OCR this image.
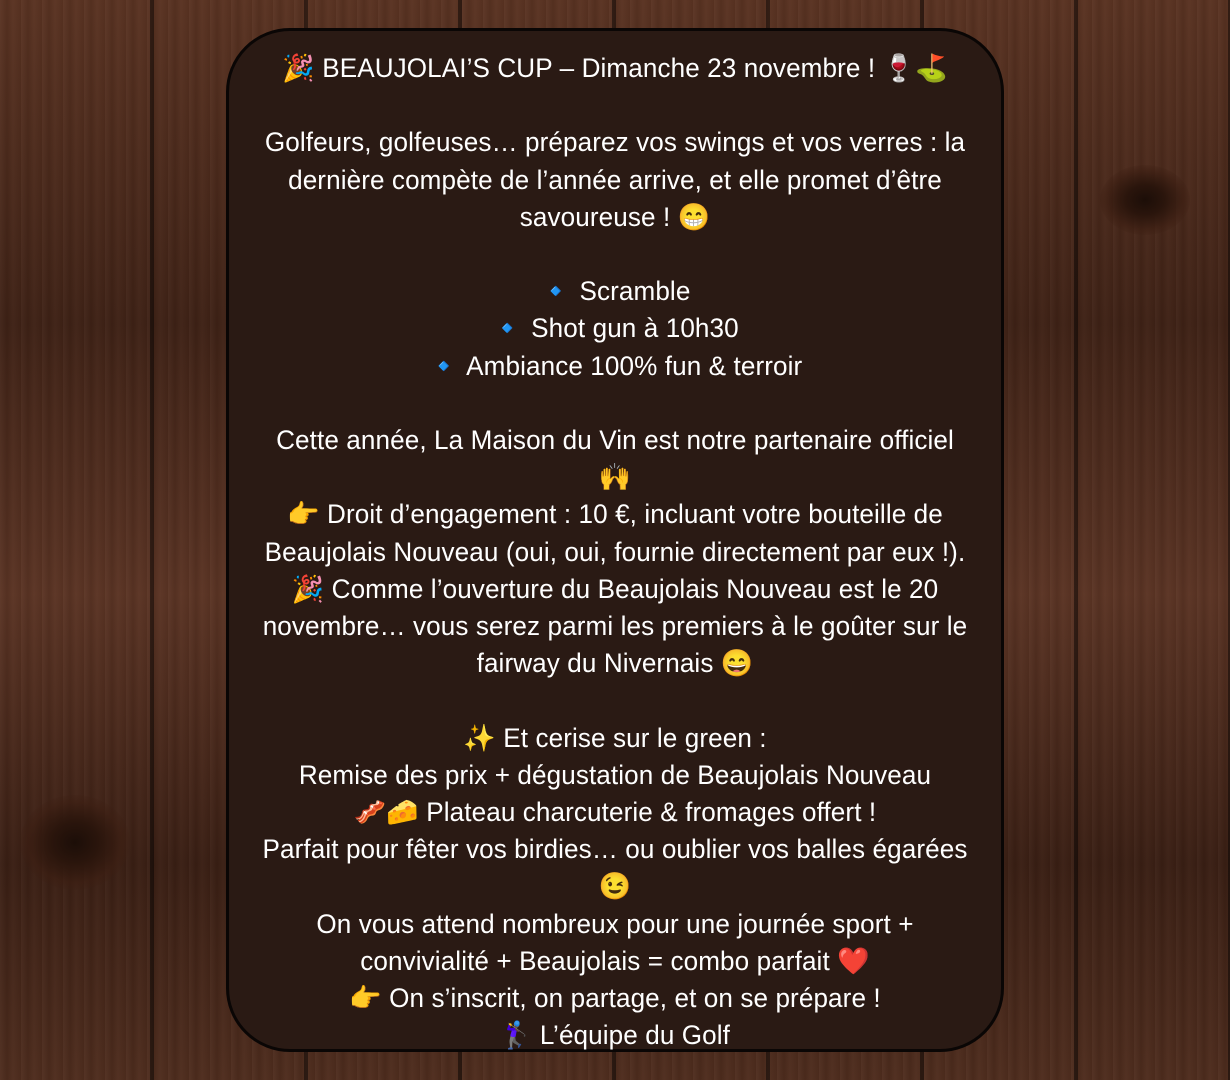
🎉 BEAUJOLAI’S CUP – Dimanche 23 novembre ! 🍷⛳
Golfeurs, golfeuses… préparez vos swings et vos verres : la
dernière compète de l’année arrive, et elle promet d’être
savoureuse ! 😁
🔹 Scramble
🔹 Shot gun à 10h30
🔹 Ambiance 100% fun & terroir
Cette année, La Maison du Vin est notre partenaire officiel
🙌
👉 Droit d’engagement : 10 €, incluant votre bouteille de
Beaujolais Nouveau (oui, oui, fournie directement par eux !).
🎉 Comme l’ouverture du Beaujolais Nouveau est le 20
novembre… vous serez parmi les premiers à le goûter sur le
fairway du Nivernais 😄
✨ Et cerise sur le green :
Remise des prix + dégustation de Beaujolais Nouveau
🥓🧀 Plateau charcuterie & fromages offert !
Parfait pour fêter vos birdies… ou oublier vos balles égarées
😉
On vous attend nombreux pour une journée sport +
convivialité + Beaujolais = combo parfait ❤️
👉 On s’inscrit, on partage, et on se prépare !
🏌️‍♀️ L’équipe du Golf
